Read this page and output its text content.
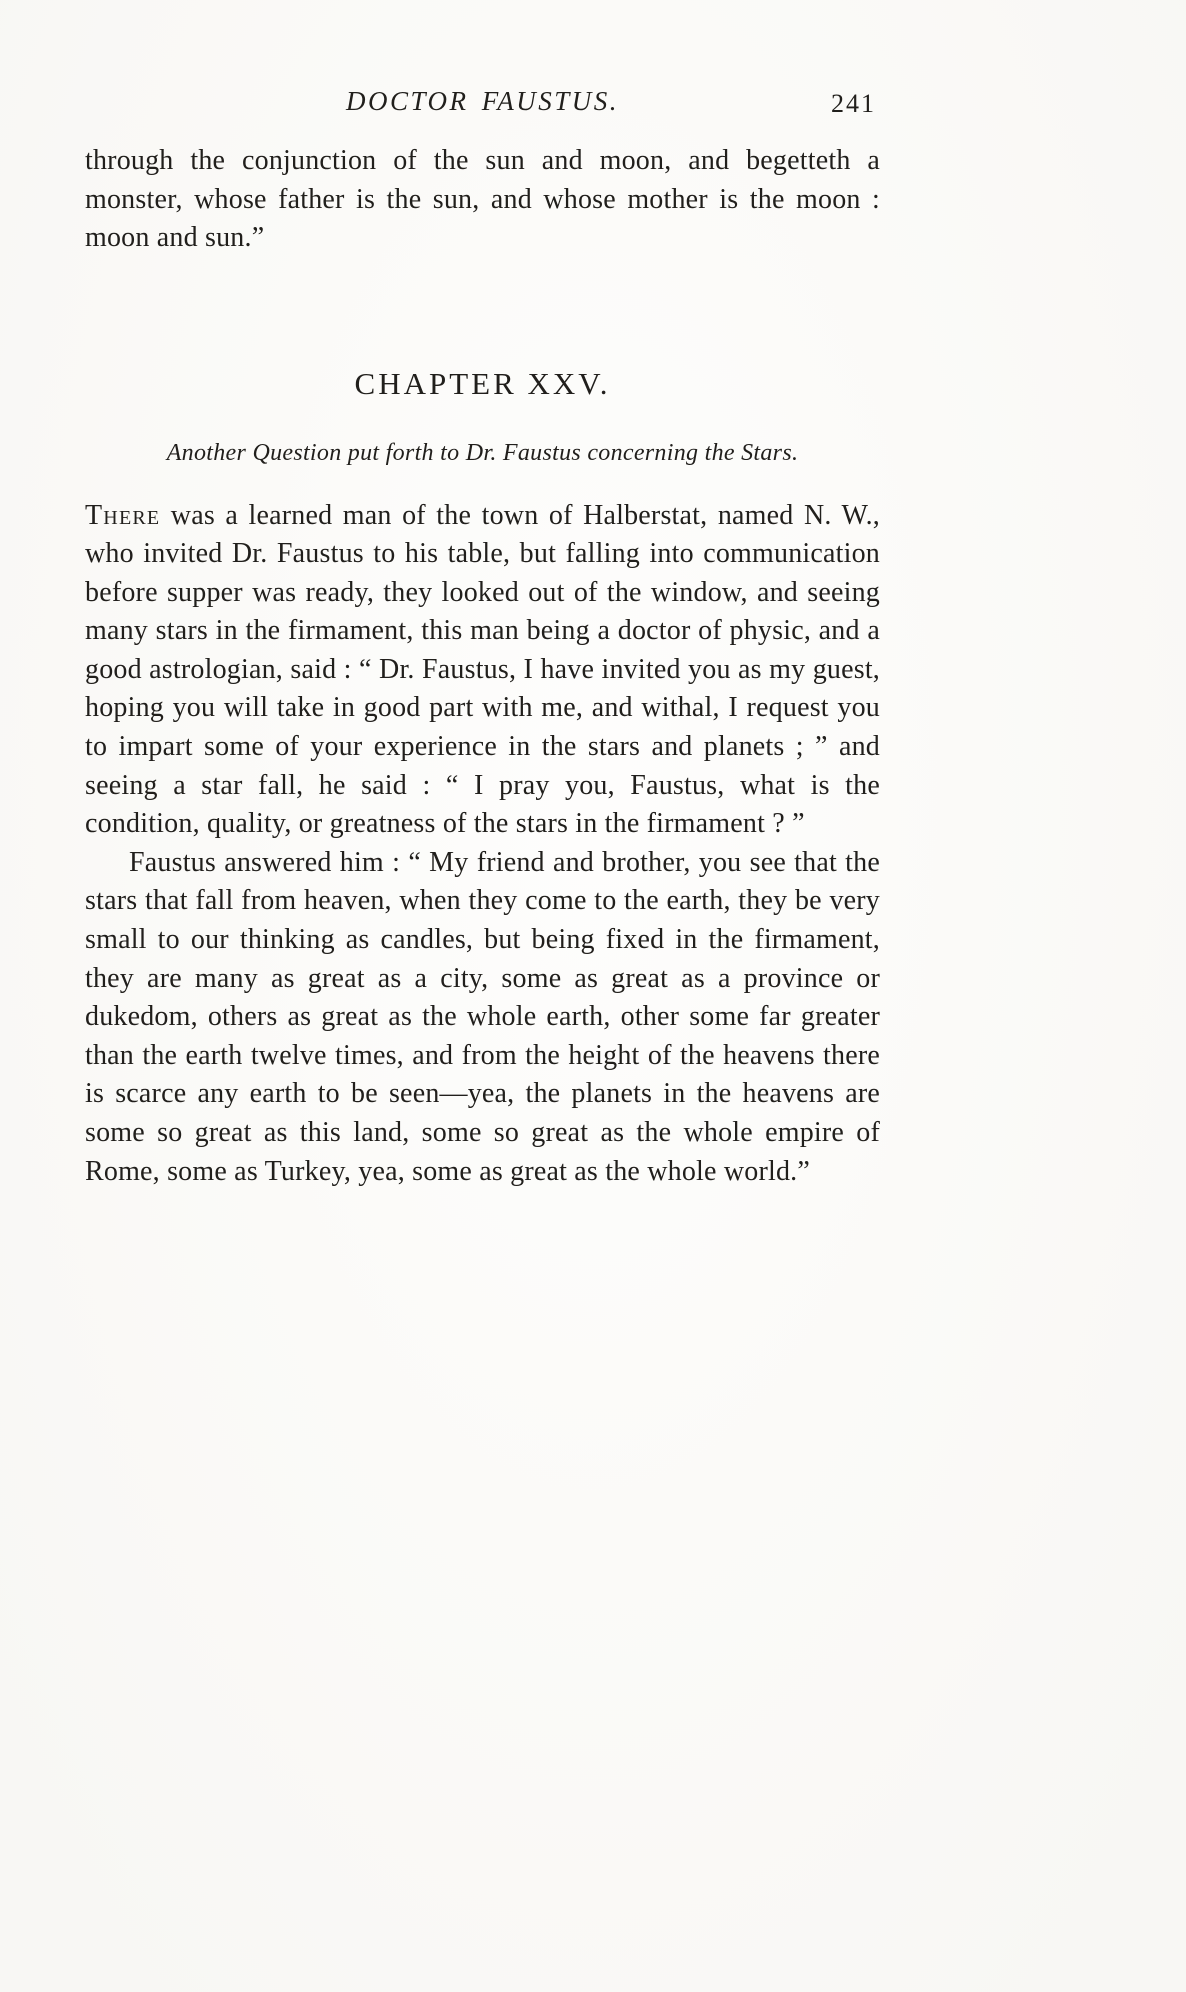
DOCTOR FAUSTUS.	241

through the conjunction of the sun and moon, and begetteth a monster, whose father is the sun, and whose mother is the moon : moon and sun.”

CHAPTER XXV.
Another Question put forth to Dr. Faustus concerning the Stars.

There was a learned man of the town of Halberstat, named N. W., who invited Dr. Faustus to his table, but falling into communication before supper was ready, they looked out of the window, and seeing many stars in the firmament, this man being a doctor of physic, and a good astrologian, said : “ Dr. Faustus, I have invited you as my guest, hoping you will take in good part with me, and withal, I request you to impart some of your experience in the stars and planets ; ” and seeing a star fall, he said : “ I pray you, Faustus, what is the condition, quality, or greatness of the stars in the firmament ? ”

Faustus answered him : “ My friend and brother, you see that the stars that fall from heaven, when they come to the earth, they be very small to our thinking as candles, but being fixed in the firmament, they are many as great as a city, some as great as a province or dukedom, others as great as the whole earth, other some far greater than the earth twelve times, and from the height of the heavens there is scarce any earth to be seen—yea, the planets in the heavens are some so great as this land, some so great as the whole empire of Rome, some as Turkey, yea, some as great as the whole world.”
